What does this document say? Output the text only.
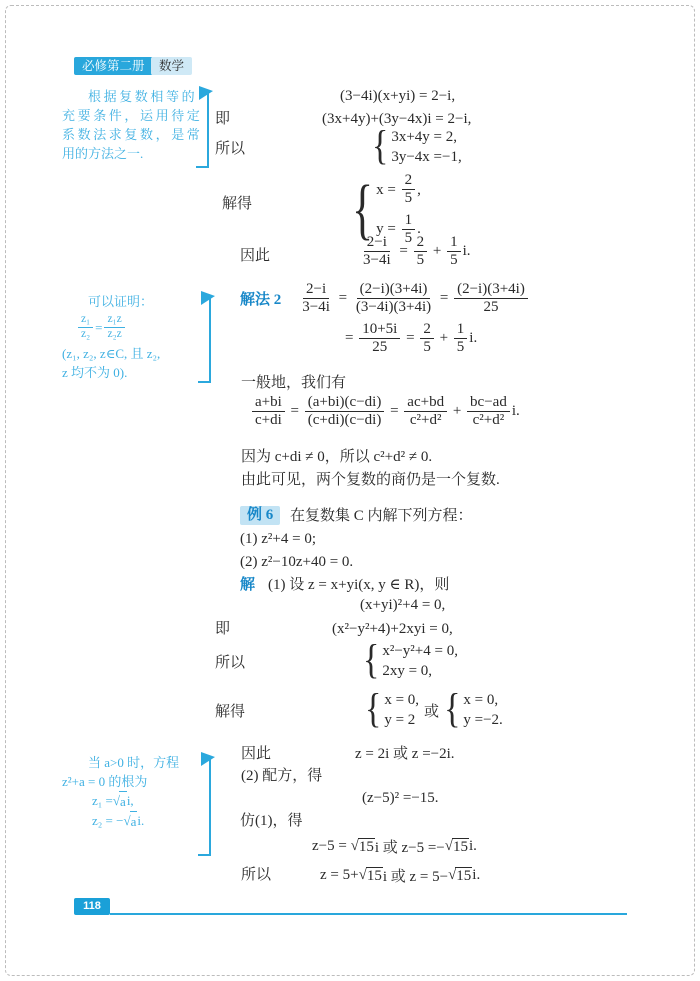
必修第二册	数学
根据复数相等的
充要条件，运用待定
系数法求复数，是常
用的方法之一.
(3−4i)(x+yi) = 2−i,
即	(3x+4y)+(3y−4x)i = 2−i,
所以	{ 3x+4y = 2,
3y−4x =−1,
解得 { $x = \frac{2}{5}$ ,
$y = \frac{1}{5}$ .
因此	$\frac{2-i}{3-4i} = \frac{2}{5} + \frac{1}{5} i$.
可以证明：
$\frac{\text{z₁}}{\text{z₂}} = \frac{\text{z₁z}}{\text{z₂z}}$
(z₁, z₂, z∈C, 且 z₂,
z 均不为 0).
解法 $2 \frac{2-i}{3-4i} = \frac{(2-i)(3+4i)}{(3-4i)(3+4i)} = \frac{(2-i)(3+4i)}{25}$
= $\frac{10+5i}{25} = \frac{2}{5} + \frac{1}{5} i$.
一般地，我们有
$\frac{a+bi}{c+di} = \frac{(a+bi)(c-di)}{(c+di)(c-di)} = \frac{ac+bd}{\text{c²+d²}} + \frac{bc-ad}{\text{c²+d²}} i$.
因为 c+di ≠ 0，所以 c²+d² ≠ 0.
由此可见，两个复数的商仍是一个复数.
例 6	在复数集 C 内解下列方程：
(1) z²+4 = 0;
(2) z²−10z+40 = 0.
解 (1) 设 z = x+yi(x, y ∈ R)，则
(x+yi)²+4 = 0,
即	(x²−y²+4)+2xyi = 0,
所以	{ x²−y²+4 = 0,
2xy = 0,
解得	{ x = 0,
y = 2
或 { x = 0,
y =−2.
因此	z = 2i 或 z =−2i.
(2) 配方，得
(z−5)² =−15.
仿(1)，得
z−5 = √ 15 i 或 z−5 =− √ 15 i.
所以	z = 5+ √ 15 i 或 z = 5− √ 15 i.
当 a>0 时，方程
z²+a = 0 的根为
z₁ = √ a i,
z₂ = − √ a i.
118
